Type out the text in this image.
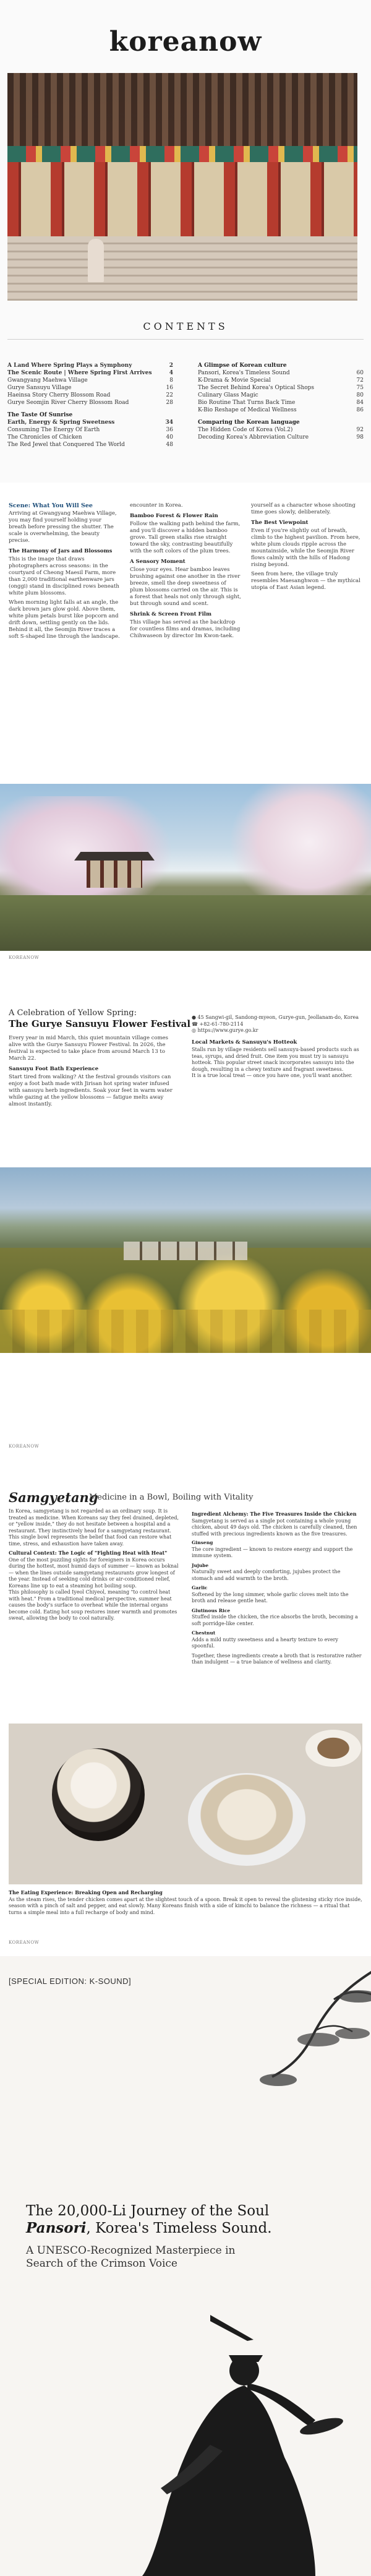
koreanow
CONTENTS
A Land Where Spring Plays a Symphony	2
The Scenic Route | Where Spring First Arrives	4
Gwangyang Maehwa Village	8
Gurye Sansuyu Village	16
Haeinsa Story Cherry Blossom Road	22
Gurye Seomjin River Cherry Blossom Road	28
The Taste Of Sunrise
Earth, Energy & Spring Sweetness	34
Consuming The Energy Of Earth	36
The Chronicles of Chicken	40
The Red Jewel that Conquered The World	48
A Glimpse of Korean culture
Pansori, Korea's Timeless Sound	60
K-Drama & Movie Special	72
The Secret Behind Korea's Optical Shops	75
Culinary Glass Magic	80
Bio Routine That Turns Back Time	84
K-Bio Reshape of Medical Wellness	86
Comparing the Korean language
The Hidden Code of Korea (Vol.2)	92
Decoding Korea's Abbreviation Culture	98
Scene: What You Will See

Arriving at Gwangyang Maehwa Village, you may find yourself holding your breath before pressing the shutter. The scale is overwhelming, the beauty precise.

The Harmony of Jars and Blossoms

This is the image that draws photographers across seasons: in the courtyard of Cheong Maesil Farm, more than 2,000 traditional earthenware jars (onggi) stand in disciplined rows beneath white plum blossoms.

When morning light falls at an angle, the dark brown jars glow gold. Above them, white plum petals burst like popcorn and drift down, settling gently on the lids. Behind it all, the Seomjin River traces a soft S-shaped line through the landscape.

encounter in Korea.

Bamboo Forest & Flower Rain

Follow the walking path behind the farm, and you'll discover a hidden bamboo grove. Tall green stalks rise straight toward the sky, contrasting beautifully with the soft colors of the plum trees.

A Sensory Moment

Close your eyes. Hear bamboo leaves brushing against one another in the river breeze, smell the deep sweetness of plum blossoms carried on the air. This is a forest that heals not only through sight, but through sound and scent.

Shrink & Screen Front Film

This village has served as the backdrop for countless films and dramas, including Chihwaseon by director Im Kwon-taek.

yourself as a character whose shooting time goes slowly, deliberately.

The Best Viewpoint

Even if you're slightly out of breath, climb to the highest pavilion. From here, white plum clouds ripple across the mountainside, while the Seomjin River flows calmly with the hills of Hadong rising beyond.

Seen from here, the village truly resembles Maesanghwon — the mythical utopia of East Asian legend.

KOREANOW
A Celebration of Yellow Spring:
The Gurye Sansuyu Flower Festival

Every year in mid March, this quiet mountain village comes alive with the Gurye Sansuyu Flower Festival. In 2026, the festival is expected to take place from around March 13 to March 22.

Sansuyu Foot Bath Experience

Start tired from walking? At the festival grounds visitors can enjoy a foot bath made with Jirisan hot spring water infused with sansuyu herb ingredients. Soak your feet in warm water while gazing at the yellow blossoms — fatigue melts away almost instantly.

● 45 Sangwi-gil, Sandong-myeon, Gurye-gun, Jeollanam-do, Korea
☎ +82-61-780-2114
◎ https://www.gurye.go.kr
Local Markets & Sansuyu's Hotteok

Stalls run by village residents sell sansuyu-based products such as teas, syrups, and dried fruit. One item you must try is sansuyu hotteok. This popular street snack incorporates sansuyu into the dough, resulting in a chewy texture and fragrant sweetness.

It is a true local treat — once you have one, you'll want another.

KOREANOW
Samgyetang
Medicine in a Bowl, Boiling with Vitality

In Korea, samgyetang is not regarded as an ordinary soup. It is treated as medicine. When Koreans say they feel drained, depleted, or "yellow inside," they do not hesitate between a hospital and a restaurant. They instinctively head for a samgyetang restaurant. This single bowl represents the belief that food can restore what time, stress, and exhaustion have taken away.

Cultural Context: The Logic of "Fighting Heat with Heat"

One of the most puzzling sights for foreigners in Korea occurs during the hottest, most humid days of summer — known as boknal — when the lines outside samgyetang restaurants grow longest of the year. Instead of seeking cold drinks or air-conditioned relief, Koreans line up to eat a steaming hot boiling soup.

This philosophy is called Iyeol Chiyeol, meaning "to control heat with heat." From a traditional medical perspective, summer heat causes the body's surface to overheat while the internal organs become cold. Eating hot soup restores inner warmth and promotes sweat, allowing the body to cool naturally.

Ingredient Alchemy: The Five Treasures Inside the Chicken

Samgyetang is served as a single pot containing a whole young chicken, about 49 days old. The chicken is carefully cleaned, then stuffed with precious ingredients known as the five treasures.

Ginseng
The core ingredient — known to restore energy and support the immune system.
Jujube
Naturally sweet and deeply comforting, jujubes protect the stomach and add warmth to the broth.
Garlic
Softened by the long simmer, whole garlic cloves melt into the broth and release gentle heat.
Glutinous Rice
Stuffed inside the chicken, the rice absorbs the broth, becoming a soft porridge-like center.
Chestnut
Adds a mild nutty sweetness and a hearty texture to every spoonful.

Together, these ingredients create a broth that is restorative rather than indulgent — a true balance of wellness and clarity.

The Eating Experience: Breaking Open and Recharging
As the steam rises, the tender chicken comes apart at the slightest touch of a spoon. Break it open to reveal the glistening sticky rice inside, season with a pinch of salt and pepper, and eat slowly. Many Koreans finish with a side of kimchi to balance the richness — a ritual that turns a simple meal into a full recharge of body and mind.
KOREANOW
[SPECIAL EDITION: K-SOUND]
The 20,000-Li Journey of the Soul
Pansori, Korea's Timeless Sound.
A UNESCO-Recognized Masterpiece in Search of the Crimson Voice
